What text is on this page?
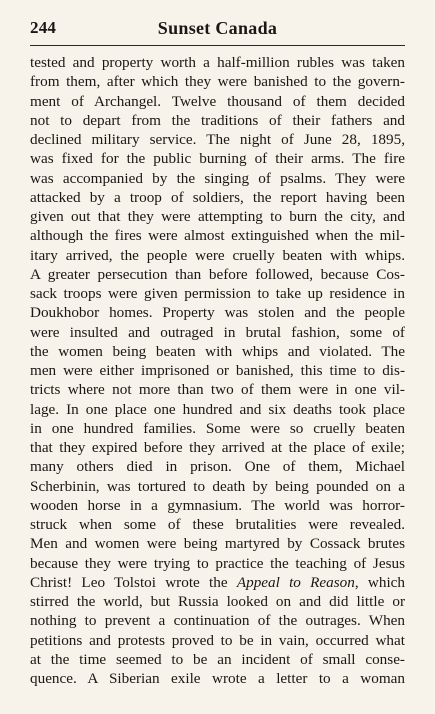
244	Sunset Canada
tested and property worth a half-million rubles was taken
from them, after which they were banished to the govern-
ment of Archangel. Twelve thousand of them decided
not to depart from the traditions of their fathers and
declined military service. The night of June 28, 1895,
was fixed for the public burning of their arms. The fire
was accompanied by the singing of psalms. They were
attacked by a troop of soldiers, the report having been
given out that they were attempting to burn the city, and
although the fires were almost extinguished when the mil-
itary arrived, the people were cruelly beaten with whips.
A greater persecution than before followed, because Cos-
sack troops were given permission to take up residence in
Doukhobor homes. Property was stolen and the people
were insulted and outraged in brutal fashion, some of
the women being beaten with whips and violated. The
men were either imprisoned or banished, this time to dis-
tricts where not more than two of them were in one vil-
lage. In one place one hundred and six deaths took place
in one hundred families. Some were so cruelly beaten
that they expired before they arrived at the place of exile;
many others died in prison. One of them, Michael
Scherbinin, was tortured to death by being pounded on a
wooden horse in a gymnasium. The world was horror-
struck when some of these brutalities were revealed.
Men and women were being martyred by Cossack brutes
because they were trying to practice the teaching of Jesus
Christ! Leo Tolstoi wrote the Appeal to Reason, which
stirred the world, but Russia looked on and did little or
nothing to prevent a continuation of the outrages. When
petitions and protests proved to be in vain, occurred what
at the time seemed to be an incident of small conse-
quence. A Siberian exile wrote a letter to a woman
